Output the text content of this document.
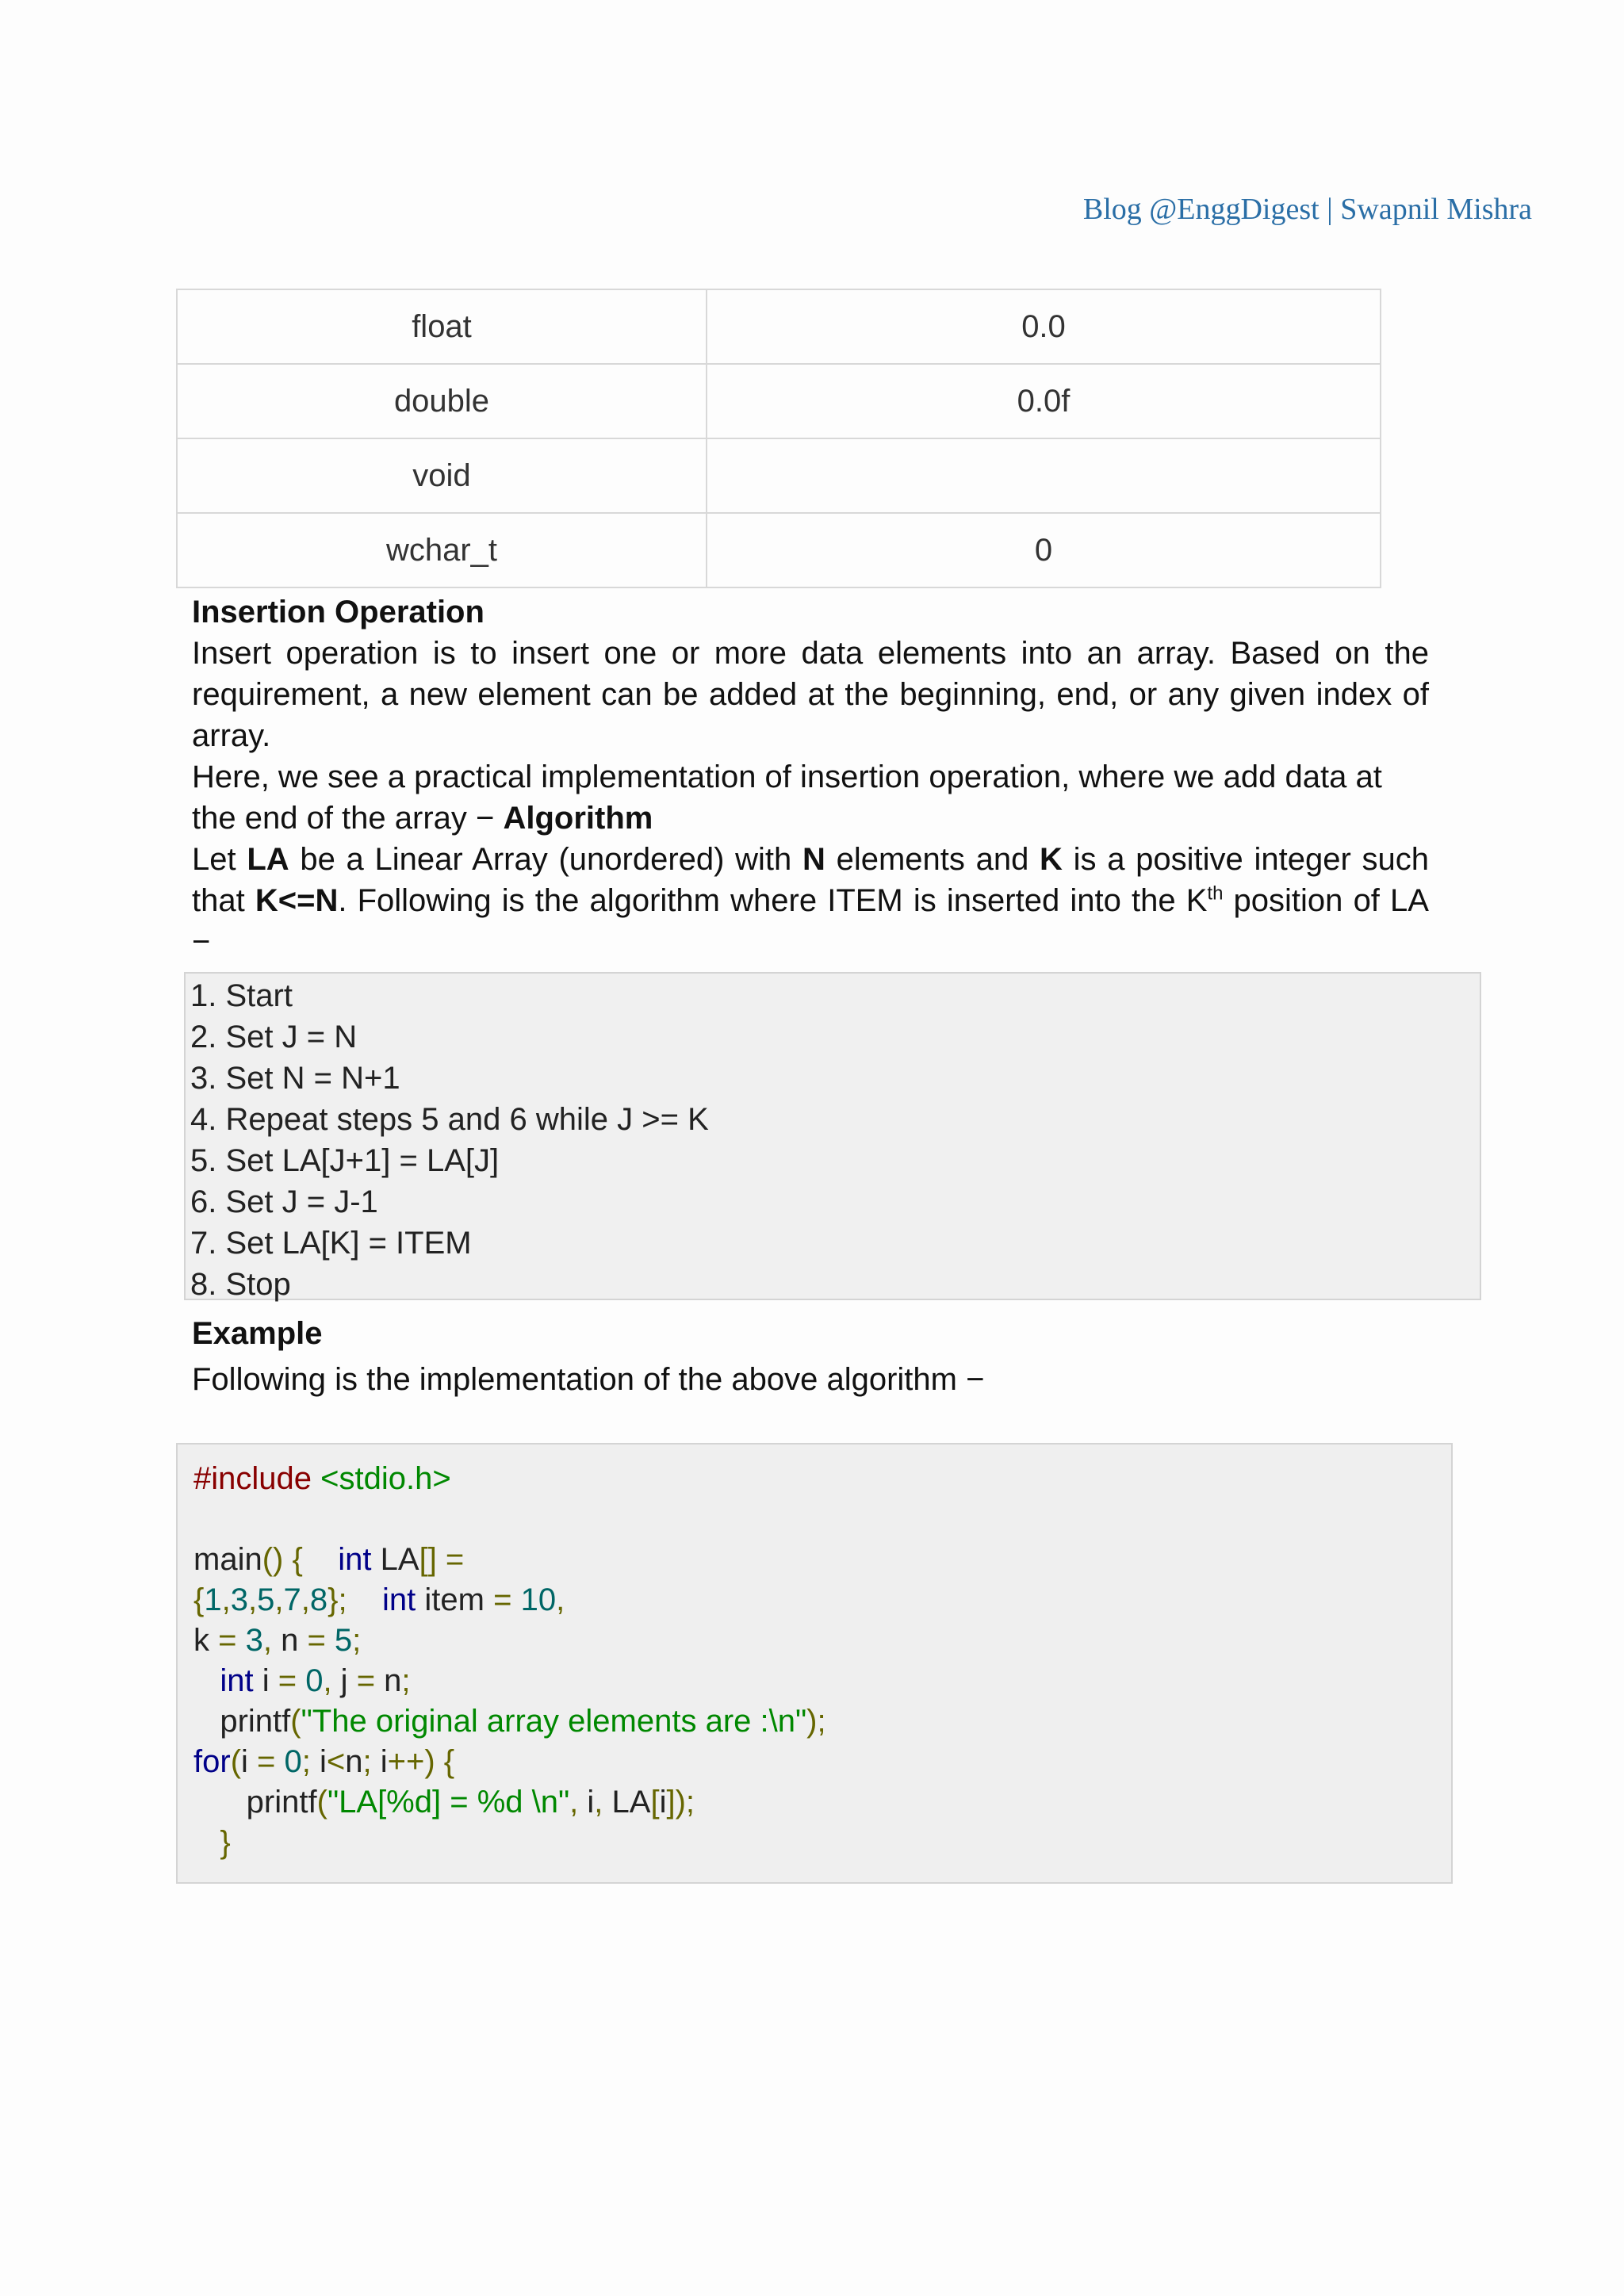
Blog @EnggDigest | Swapnil Mishra
float	0.0
double	0.0f
void	
wchar_t	0

Insertion Operation

Insert operation is to insert one or more data elements into an array. Based on the requirement, a new element can be added at the beginning, end, or any given index of array.

Here, we see a practical implementation of insertion operation, where we add data at the end of the array − Algorithm

Let LA be a Linear Array (unordered) with N elements and K is a positive integer such that K<=N. Following is the algorithm where ITEM is inserted into the $K^{th}$ position of LA −

1. Start
2. Set J = N
3. Set N = N+1
4. Repeat steps 5 and 6 while J >= K
5. Set LA[J+1] = LA[J]
6. Set J = J-1
7. Set LA[K] = ITEM
8. Stop

Example

Following is the implementation of the above algorithm −

#include <stdio.h>

main() { int LA[] =
{1,3,5,7,8}; int item = 10,
k = 3, n = 5;
int i = 0, j = n;
printf("The original array elements are :\n");
for(i = 0; i<n; i++) {
printf("LA[%d] = %d \n", i, LA[i]);
}
